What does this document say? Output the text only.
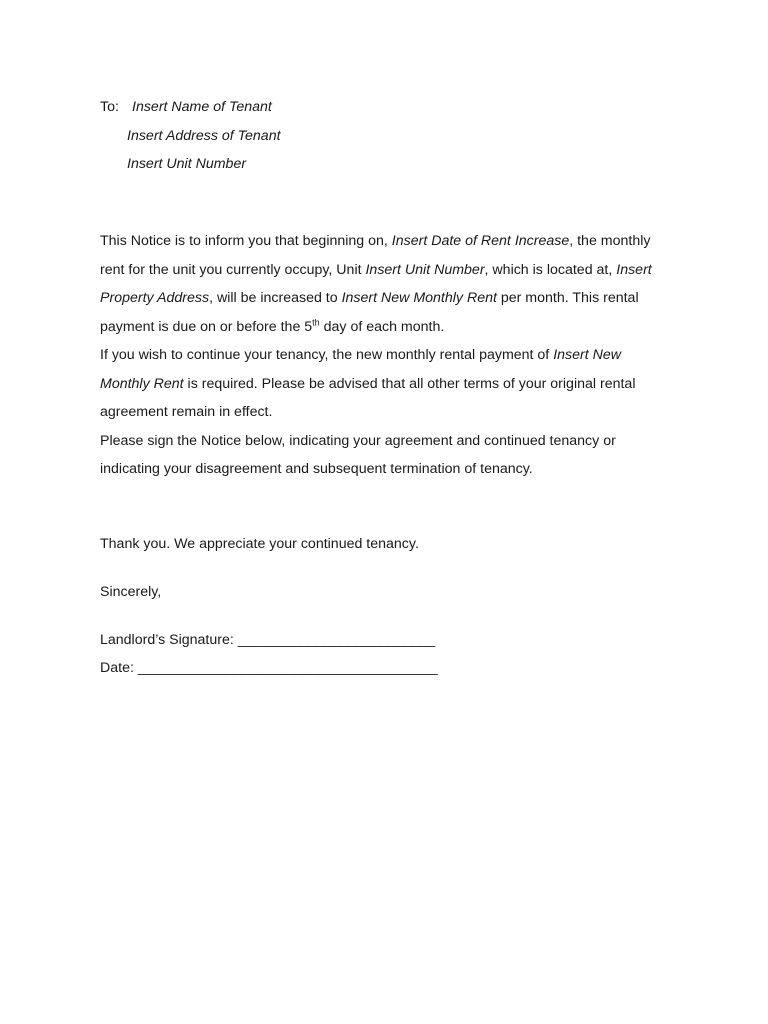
To: Insert Name of Tenant
Insert Address of Tenant
Insert Unit Number

This Notice is to inform you that beginning on, Insert Date of Rent Increase, the monthly rent for the unit you currently occupy, Unit Insert Unit Number, which is located at, Insert Property Address, will be increased to Insert New Monthly Rent per month. This rental payment is due on or before the 5th day of each month.

If you wish to continue your tenancy, the new monthly rental payment of Insert New Monthly Rent is required. Please be advised that all other terms of your original rental agreement remain in effect.

Please sign the Notice below, indicating your agreement and continued tenancy or indicating your disagreement and subsequent termination of tenancy.

Thank you. We appreciate your continued tenancy.
Sincerely,
Landlord’s Signature: _________________________
Date: ______________________________________
